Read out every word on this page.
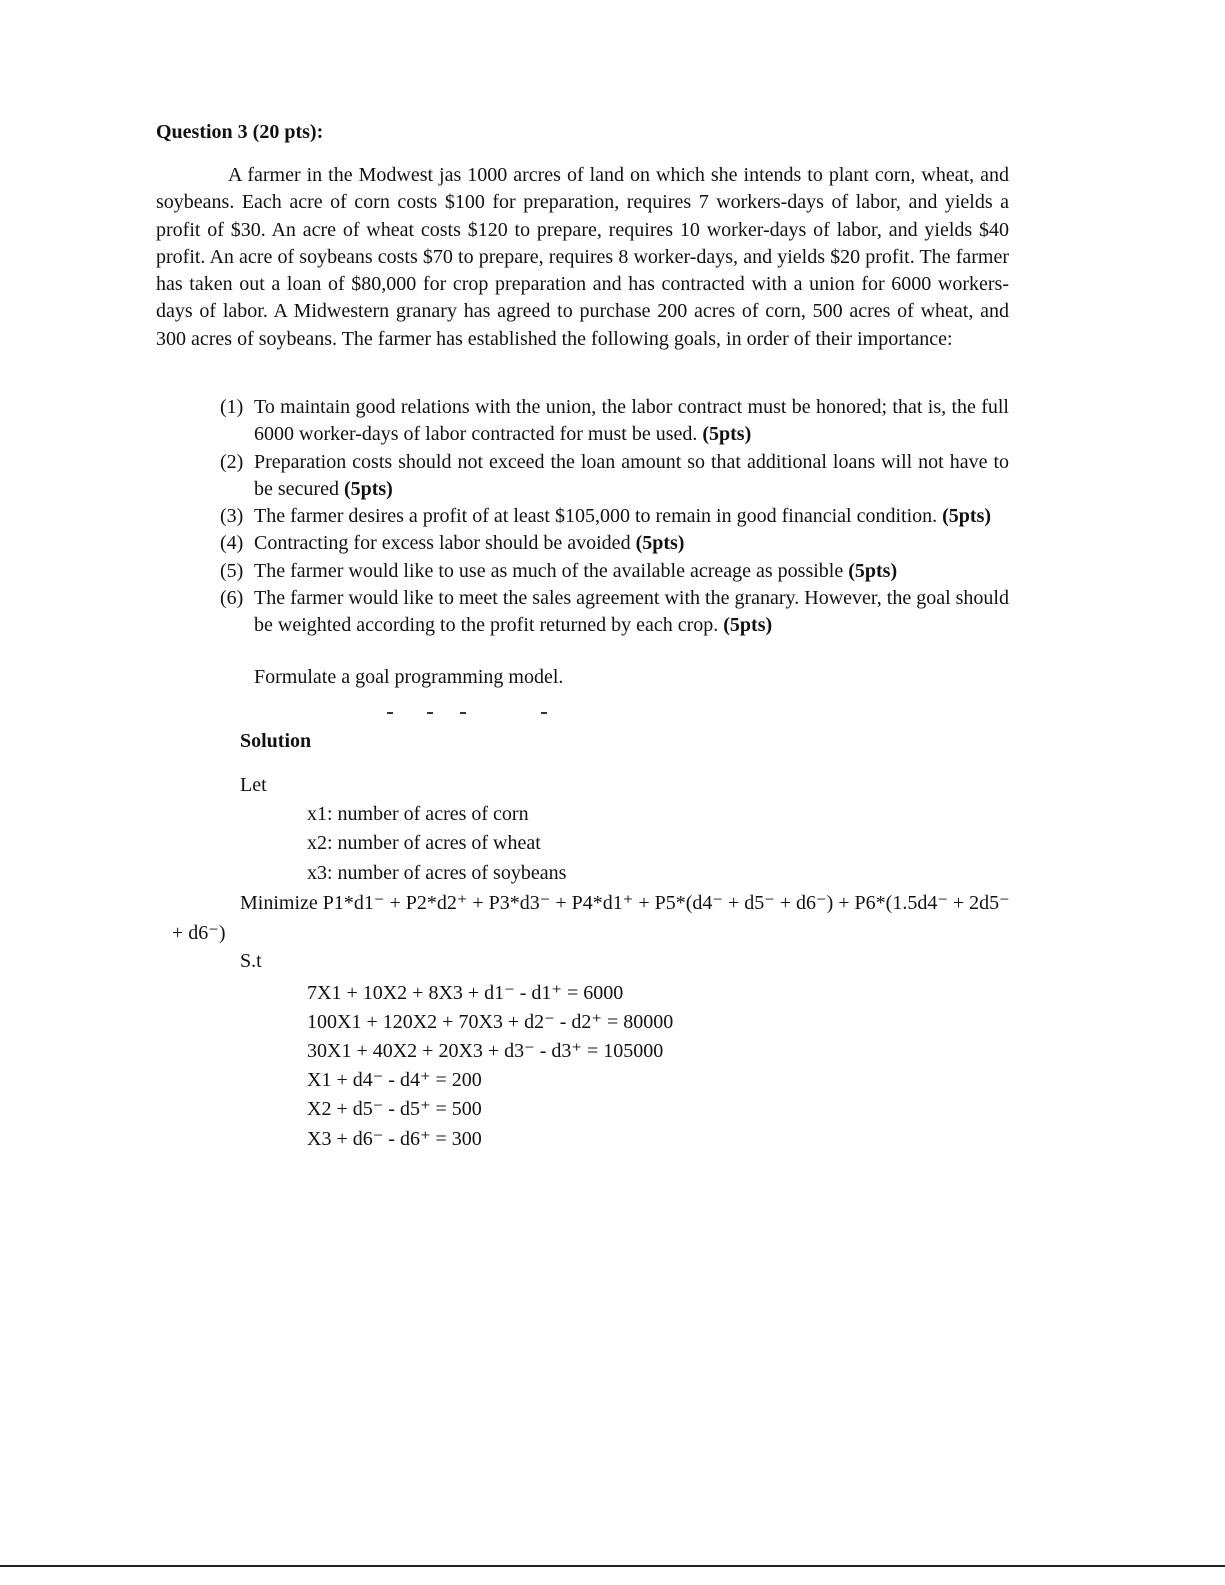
Question 3 (20 pts):

A farmer in the Modwest jas 1000 arcres of land on which she intends to plant corn, wheat, and soybeans. Each acre of corn costs $100 for preparation, requires 7 workers-days of labor, and yields a profit of $30. An acre of wheat costs $120 to prepare, requires 10 worker-days of labor, and yields $40 profit. An acre of soybeans costs $70 to prepare, requires 8 worker-days, and yields $20 profit. The farmer has taken out a loan of $80,000 for crop preparation and has contracted with a union for 6000 workers-days of labor. A Midwestern granary has agreed to purchase 200 acres of corn, 500 acres of wheat, and 300 acres of soybeans. The farmer has established the following goals, in order of their importance:

(1) To maintain good relations with the union, the labor contract must be honored; that is, the full 6000 worker-days of labor contracted for must be used. (5pts)
(2) Preparation costs should not exceed the loan amount so that additional loans will not have to be secured (5pts)
(3) The farmer desires a profit of at least $105,000 to remain in good financial condition. (5pts)
(4) Contracting for excess labor should be avoided (5pts)
(5) The farmer would like to use as much of the available acreage as possible (5pts)
(6) The farmer would like to meet the sales agreement with the granary. However, the goal should be weighted according to the profit returned by each crop. (5pts)
Formulate a goal programming model.
Solution
Let
x1: number of acres of corn
x2: number of acres of wheat
x3: number of acres of soybeans
Minimize P1*d1⁻ + P2*d2⁺ + P3*d3⁻ + P4*d1⁺ + P5*(d4⁻ + d5⁻ + d6⁻) + P6*(1.5d4⁻ + 2d5⁻
+ d6⁻)
S.t
7X1 + 10X2 + 8X3 + d1⁻ - d1⁺ = 6000
100X1 + 120X2 + 70X3 + d2⁻ - d2⁺ = 80000
30X1 + 40X2 + 20X3 + d3⁻ - d3⁺ = 105000
X1 + d4⁻ - d4⁺ = 200
X2 + d5⁻ - d5⁺ = 500
X3 + d6⁻ - d6⁺ = 300
